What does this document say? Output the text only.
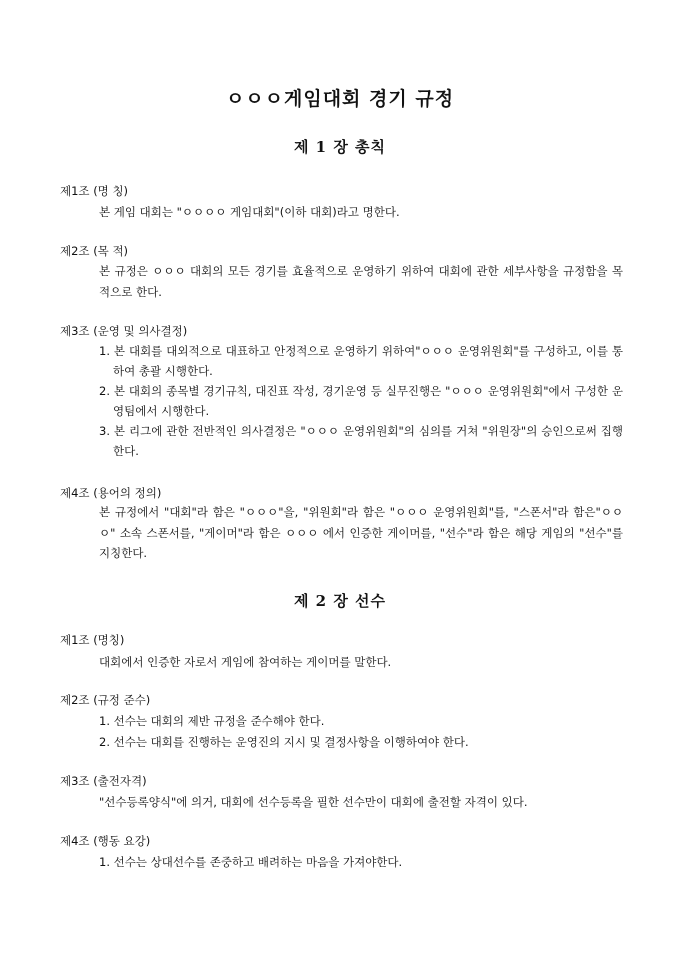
ㅇㅇㅇ게임대회 경기 규정
제 1 장 총칙
제1조 (명 칭)
본 게임 대회는 "ㅇㅇㅇㅇ 게임대회"(이하 대회)라고 명한다.
제2조 (목 적)
본 규정은 ㅇㅇㅇ 대회의 모든 경기를 효율적으로 운영하기 위하여 대회에 관한 세부사항을 규정함을 목적으로 한다.
제3조 (운영 및 의사결정)
1. 본 대회를 대외적으로 대표하고 안정적으로 운영하기 위하여"ㅇㅇㅇ 운영위원회"를 구성하고, 이를 통하여 총괄 시행한다.
2. 본 대회의 종목별 경기규칙, 대진표 작성, 경기운영 등 실무진행은 "ㅇㅇㅇ 운영위원회"에서 구성한 운영팀에서 시행한다.
3. 본 리그에 관한 전반적인 의사결정은 "ㅇㅇㅇ 운영위원회"의 심의를 거쳐 "위원장"의 승인으로써 집행한다.
제4조 (용어의 정의)
본 규정에서 "대회"라 함은 "ㅇㅇㅇ"을, "위원회"라 함은 "ㅇㅇㅇ 운영위원회"를, "스폰서"라 함은"ㅇㅇㅇ" 소속 스폰서를, "게이머"라 함은 ㅇㅇㅇ 에서 인증한 게이머를, "선수"라 함은 해당 게임의 "선수"를 지칭한다.
제 2 장 선수
제1조 (명칭)
대회에서 인증한 자로서 게임에 참여하는 게이머를 말한다.
제2조 (규정 준수)
1. 선수는 대회의 제반 규정을 준수해야 한다.
2. 선수는 대회를 진행하는 운영진의 지시 및 결정사항을 이행하여야 한다.
제3조 (출전자격)
"선수등록양식"에 의거, 대회에 선수등록을 필한 선수만이 대회에 출전할 자격이 있다.
제4조 (행동 요강)
1. 선수는 상대선수를 존중하고 배려하는 마음을 가져야한다.
